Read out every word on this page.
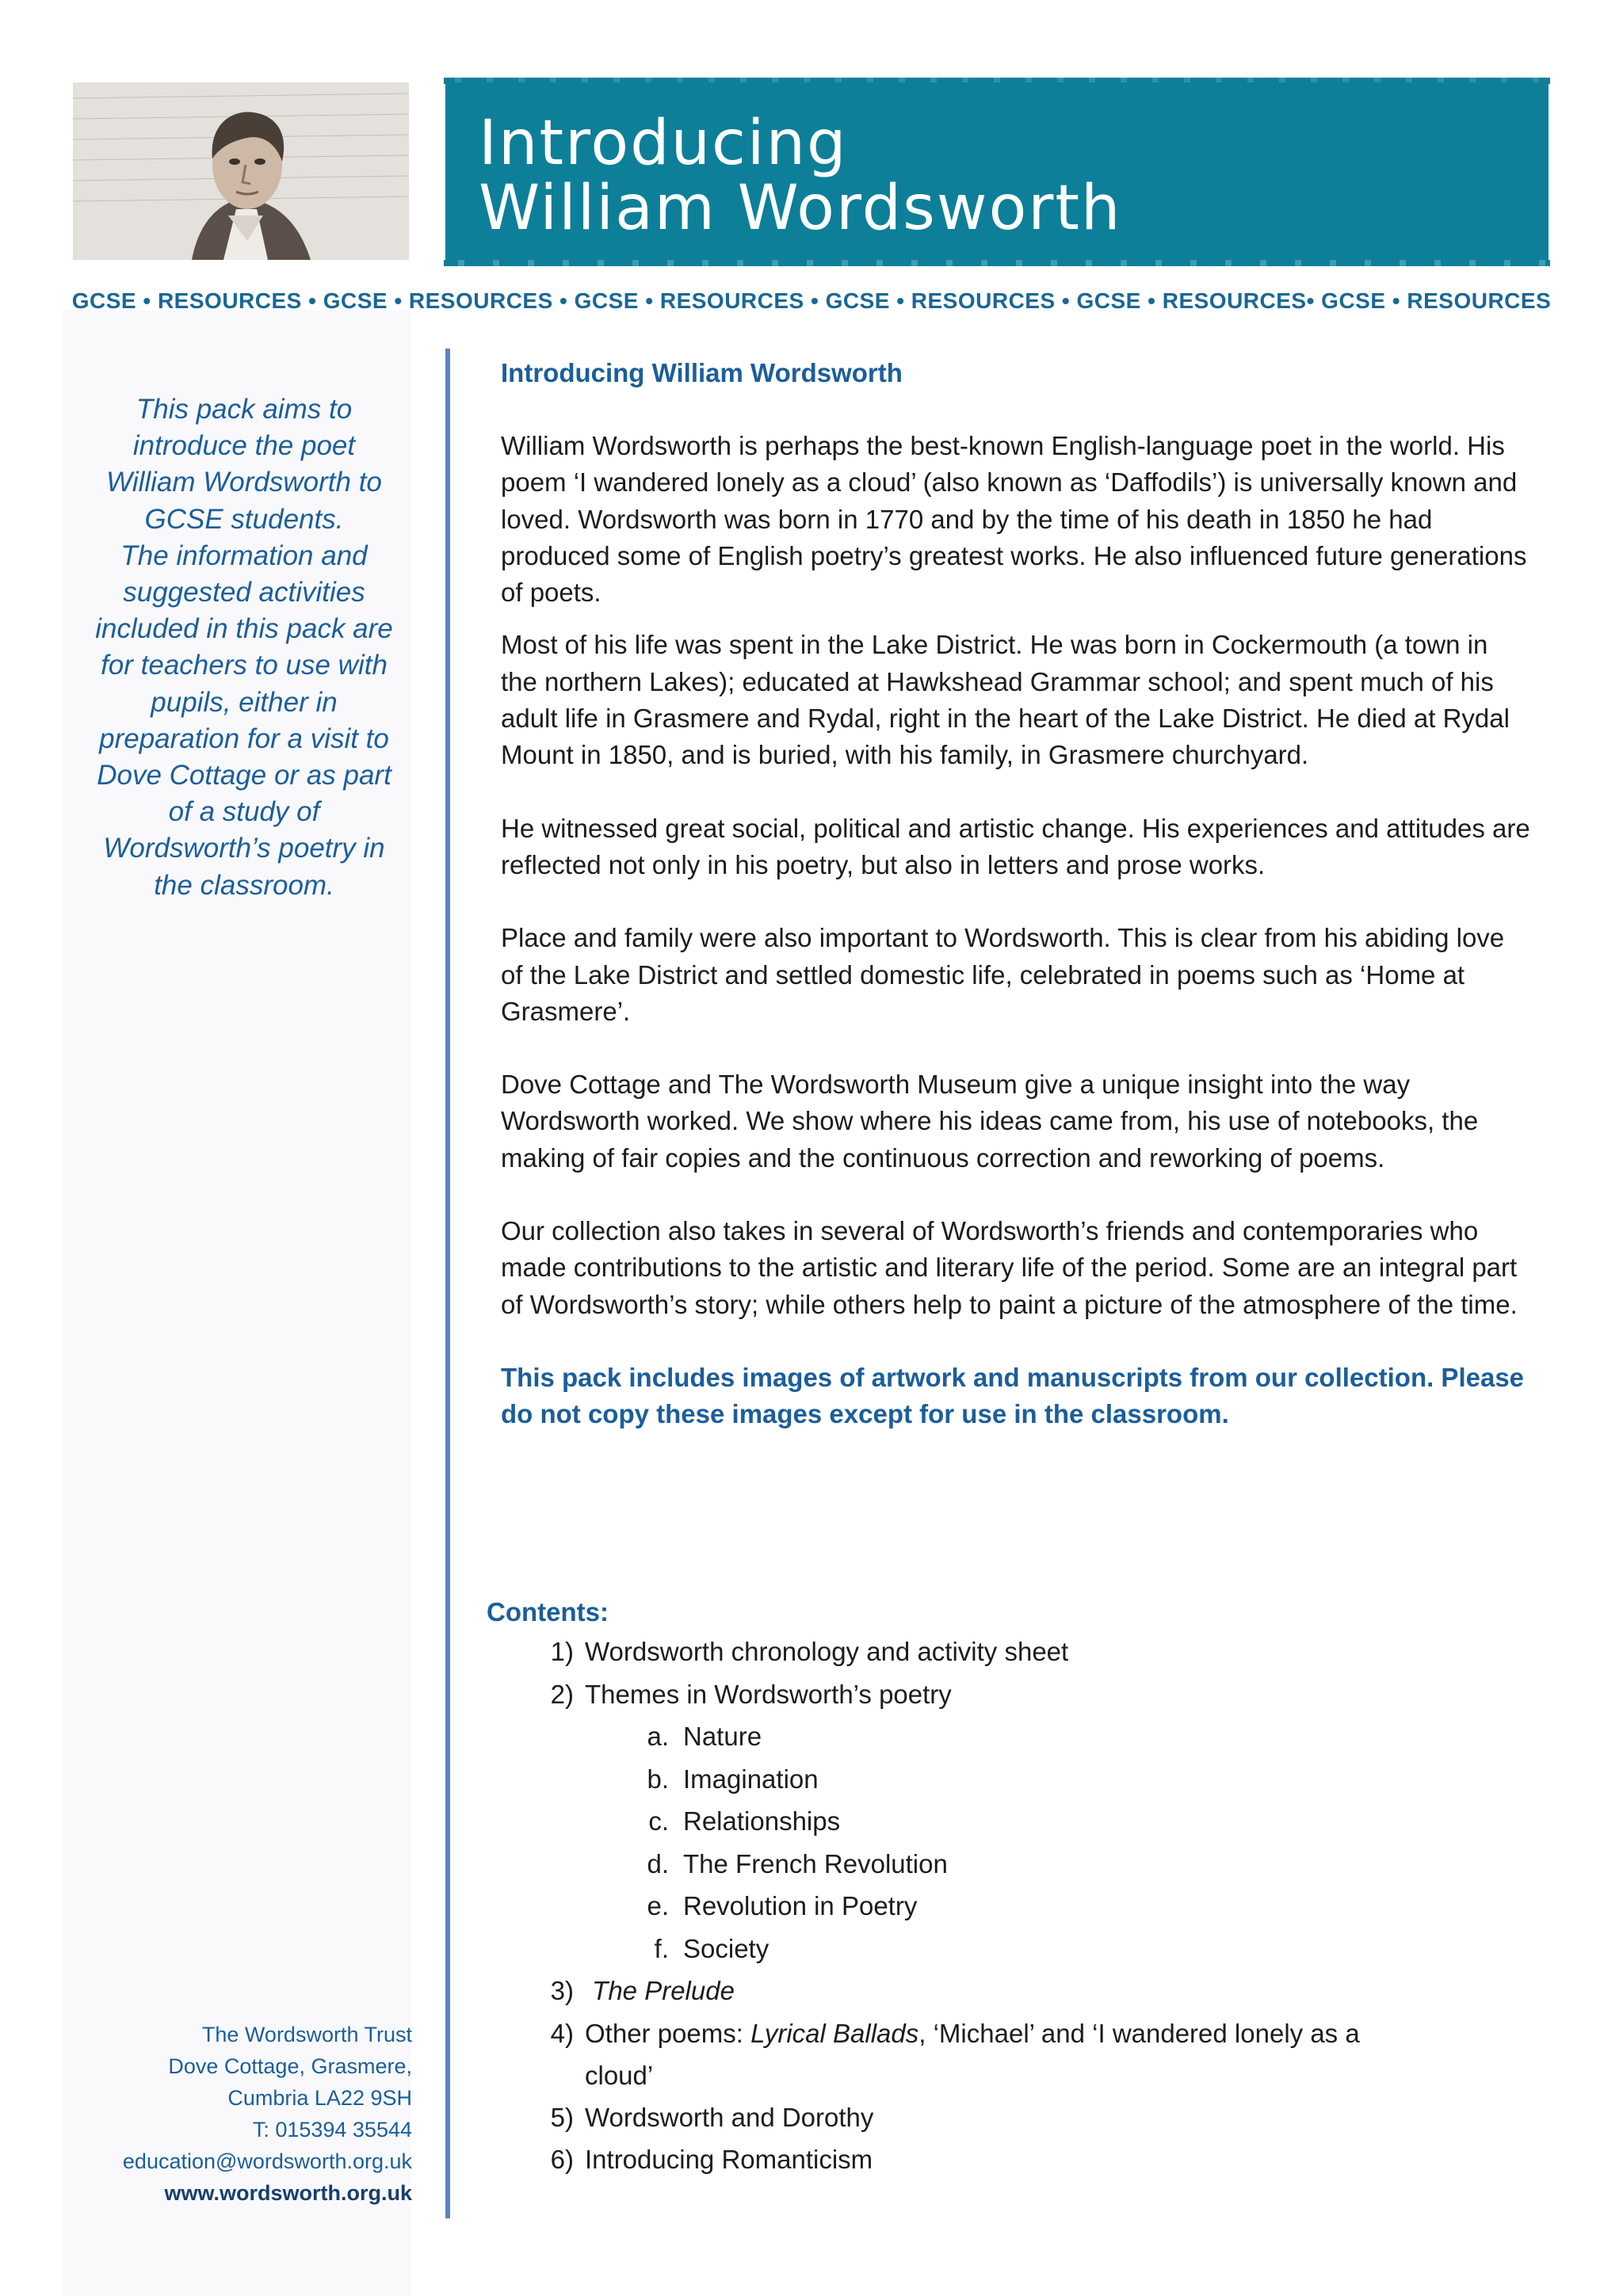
Introducing
William Wordsworth
GCSE • RESOURCES • GCSE • RESOURCES • GCSE • RESOURCES • GCSE • RESOURCES • GCSE • RESOURCES• GCSE • RESOURCES
This pack aims to introduce the poet William Wordsworth to GCSE students.
The information and suggested activities included in this pack are for teachers to use with pupils, either in preparation for a visit to Dove Cottage or as part of a study of Wordsworth’s poetry in the classroom.
The Wordsworth Trust
Dove Cottage, Grasmere,
Cumbria LA22 9SH
T: 015394 35544
education@wordsworth.org.uk
www.wordsworth.org.uk
Introducing William Wordsworth

William Wordsworth is perhaps the best-known English-language poet in the world. His poem ‘I wandered lonely as a cloud’ (also known as ‘Daffodils’) is universally known and loved. Wordsworth was born in 1770 and by the time of his death in 1850 he had produced some of English poetry’s greatest works. He also influenced future generations of poets.

Most of his life was spent in the Lake District. He was born in Cockermouth (a town in the northern Lakes); educated at Hawkshead Grammar school; and spent much of his adult life in Grasmere and Rydal, right in the heart of the Lake District. He died at Rydal Mount in 1850, and is buried, with his family, in Grasmere churchyard.

He witnessed great social, political and artistic change. His experiences and attitudes are reflected not only in his poetry, but also in letters and prose works.

Place and family were also important to Wordsworth. This is clear from his abiding love of the Lake District and settled domestic life, celebrated in poems such as ‘Home at Grasmere’.

Dove Cottage and The Wordsworth Museum give a unique insight into the way Wordsworth worked. We show where his ideas came from, his use of notebooks, the making of fair copies and the continuous correction and reworking of poems.

Our collection also takes in several of Wordsworth’s friends and contemporaries who made contributions to the artistic and literary life of the period. Some are an integral part of Wordsworth’s story; while others help to paint a picture of the atmosphere of the time.

This pack includes images of artwork and manuscripts from our collection. Please do not copy these images except for use in the classroom.

Contents:
1) Wordsworth chronology and activity sheet
2) Themes in Wordsworth’s poetry
a. Nature
b. Imagination
c. Relationships
d. The French Revolution
e. Revolution in Poetry
f. Society
3) The Prelude
4) Other poems: Lyrical Ballads, ‘Michael’ and ‘I wandered lonely as a cloud’
5) Wordsworth and Dorothy
6) Introducing Romanticism
